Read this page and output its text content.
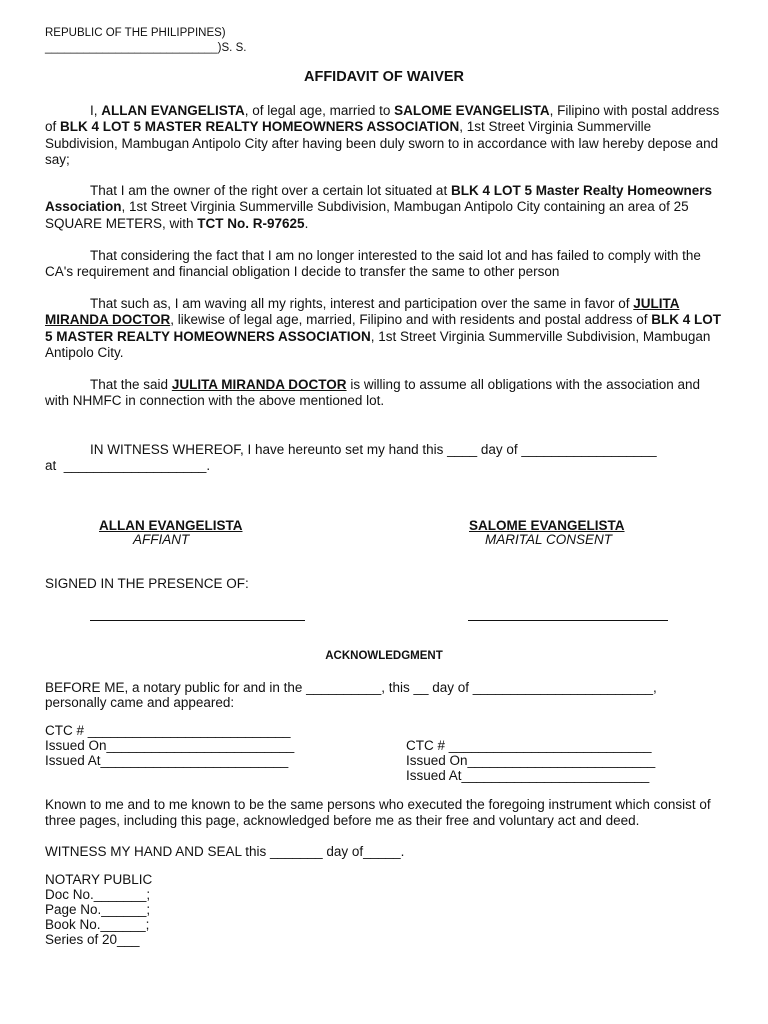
REPUBLIC OF THE PHILIPPINES)
___________________________)S. S.
AFFIDAVIT OF WAIVER
I, ALLAN EVANGELISTA, of legal age, married to SALOME EVANGELISTA, Filipino with postal address of BLK 4 LOT 5 MASTER REALTY HOMEOWNERS ASSOCIATION, 1st Street Virginia Summerville Subdivision, Mambugan Antipolo City after having been duly sworn to in accordance with law hereby depose and say;
That I am the owner of the right over a certain lot situated at BLK 4 LOT 5 Master Realty Homeowners Association, 1st Street Virginia Summerville Subdivision, Mambugan Antipolo City containing an area of 25 SQUARE METERS, with TCT No. R-97625.
That considering the fact that I am no longer interested to the said lot and has failed to comply with the CA's requirement and financial obligation I decide to transfer the same to other person
That such as, I am waving all my rights, interest and participation over the same in favor of JULITA MIRANDA DOCTOR, likewise of legal age, married, Filipino and with residents and postal address of BLK 4 LOT 5 MASTER REALTY HOMEOWNERS ASSOCIATION, 1st Street Virginia Summerville Subdivision, Mambugan Antipolo City.
That the said JULITA MIRANDA DOCTOR is willing to assume all obligations with the association and with NHMFC in connection with the above mentioned lot.
IN WITNESS WHEREOF, I have hereunto set my hand this ____ day of __________________
at  ___________________.
ALLAN EVANGELISTA
AFFIANT
SALOME EVANGELISTA
MARITAL CONSENT
SIGNED IN THE PRESENCE OF:
ACKNOWLEDGMENT
BEFORE ME, a notary public for and in the __________, this __ day of ________________________,
personally came and appeared:
CTC # ___________________________
Issued On_________________________
Issued At_________________________
CTC # ___________________________
Issued On_________________________
Issued At_________________________
Known to me and to me known to be the same persons who executed the foregoing instrument which consist of three pages, including this page, acknowledged before me as their free and voluntary act and deed.
WITNESS MY HAND AND SEAL this _______ day of_____.
NOTARY PUBLIC
Doc No._______;
Page No.______;
Book No.______;
Series of 20___
